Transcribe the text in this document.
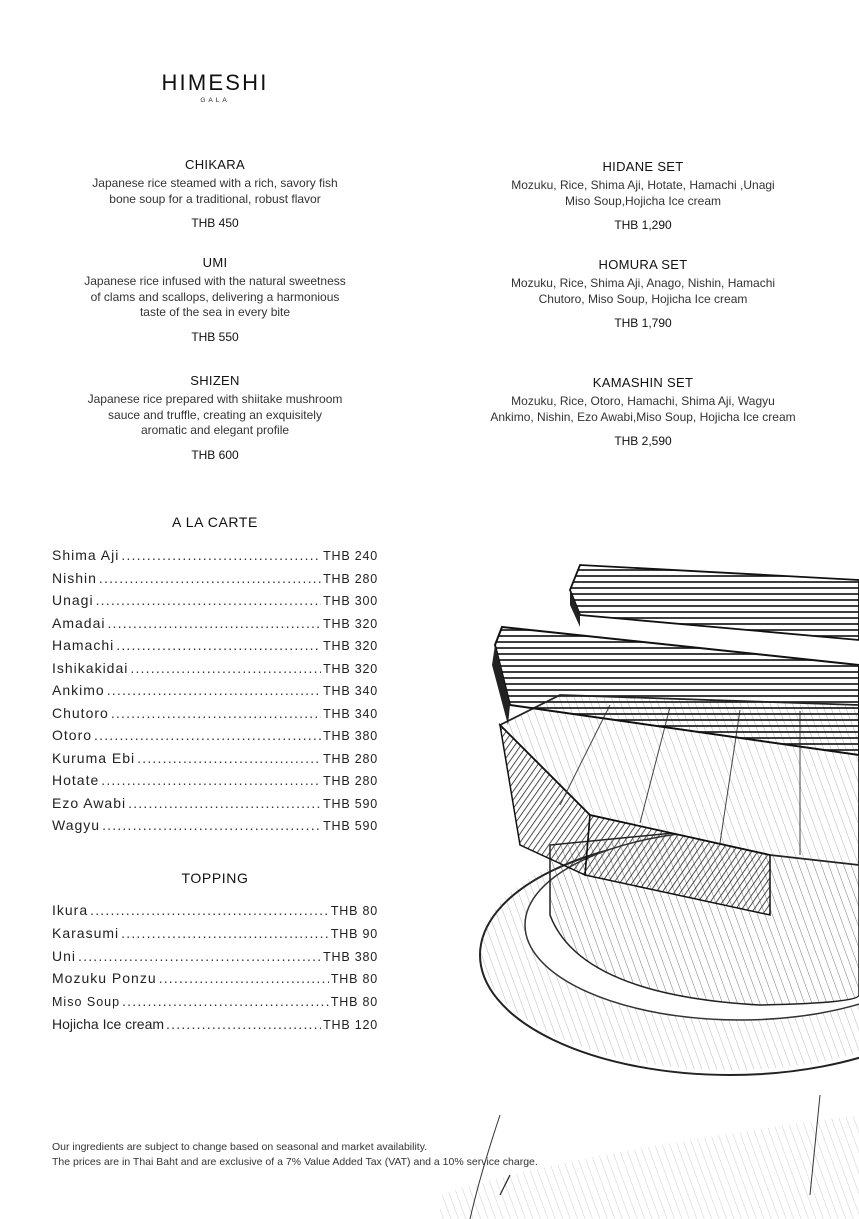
HIMESHI
GALA
CHIKARA
Japanese rice steamed with a rich, savory fish
bone soup for a traditional, robust flavor
THB 450
UMI
Japanese rice infused with the natural sweetness
of clams and scallops, delivering a harmonious
taste of the sea in every bite
THB 550
SHIZEN
Japanese rice prepared with shiitake mushroom
sauce and truffle, creating an exquisitely
aromatic and elegant profile
THB 600
HIDANE SET
Mozuku, Rice, Shima Aji, Hotate, Hamachi ,Unagi
Miso Soup,Hojicha Ice cream
THB 1,290
HOMURA SET
Mozuku, Rice, Shima Aji, Anago, Nishin, Hamachi
Chutoro, Miso Soup, Hojicha Ice cream
THB 1,790
KAMASHIN SET
Mozuku, Rice, Otoro, Hamachi, Shima Aji, Wagyu
Ankimo, Nishin, Ezo Awabi,Miso Soup, Hojicha Ice cream
THB 2,590
A LA CARTE
Shima Aji .....	THB 240
Nishin .....	THB 280
Unagi .....	THB 300
Amadai .....	THB 320
Hamachi .....	THB 320
Ishikakidai .....	THB 320
Ankimo .....	THB 340
Chutoro .....	THB 340
Otoro .....	THB 380
Kuruma Ebi .....	THB 280
Hotate .....	THB 280
Ezo Awabi .....	THB 590
Wagyu .....	THB 590
TOPPING
Ikura .....	THB 80
Karasumi .....	THB 90
Uni .....	THB 380
Mozuku Ponzu .....	THB 80
Miso Soup .....	THB 80
Hojicha Ice cream .....	THB 120
Our ingredients are subject to change based on seasonal and market availability.
The prices are in Thai Baht and are exclusive of a 7% Value Added Tax (VAT) and a 10% service charge.
